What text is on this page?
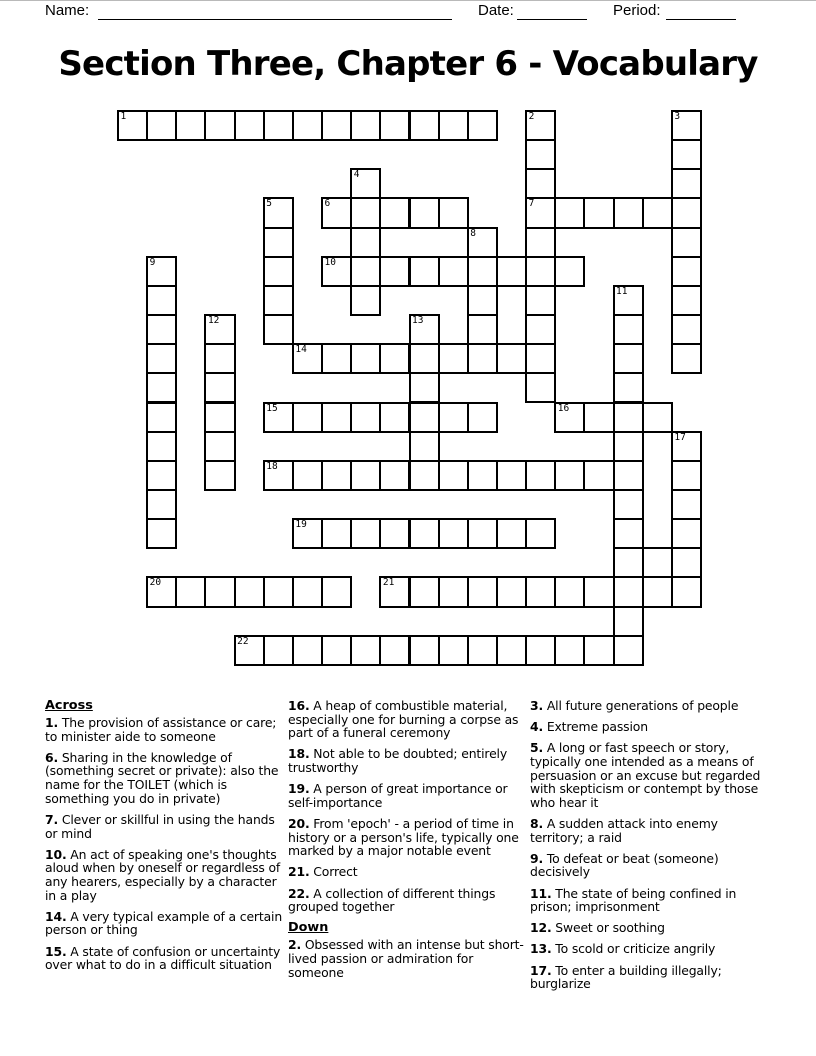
Name:	Date:	Period:
Section Three, Chapter 6 - Vocabulary
1	2
7
3
4
5	6
8
9	10
11
12	13
14
15	16
17
18
19
20	21
22
Across

1. The provision of assistance or care; to minister aide to someone

6. Sharing in the knowledge of (something secret or private): also the name for the TOILET (which is something you do in private)

7. Clever or skillful in using the hands or mind

10. An act of speaking one's thoughts aloud when by oneself or regardless of any hearers, especially by a character in a play

14. A very typical example of a certain person or thing

15. A state of confusion or uncertainty over what to do in a difficult situation

16. A heap of combustible material, especially one for burning a corpse as part of a funeral ceremony

18. Not able to be doubted; entirely trustworthy

19. A person of great importance or self-importance

20. From 'epoch' - a period of time in history or a person's life, typically one marked by a major notable event

21. Correct

22. A collection of different things grouped together

Down

2. Obsessed with an intense but short-lived passion or admiration for someone

3. All future generations of people

4. Extreme passion

5. A long or fast speech or story, typically one intended as a means of persuasion or an excuse but regarded with skepticism or contempt by those who hear it

8. A sudden attack into enemy territory; a raid

9. To defeat or beat (someone) decisively

11. The state of being confined in prison; imprisonment

12. Sweet or soothing

13. To scold or criticize angrily

17. To enter a building illegally; burglarize
